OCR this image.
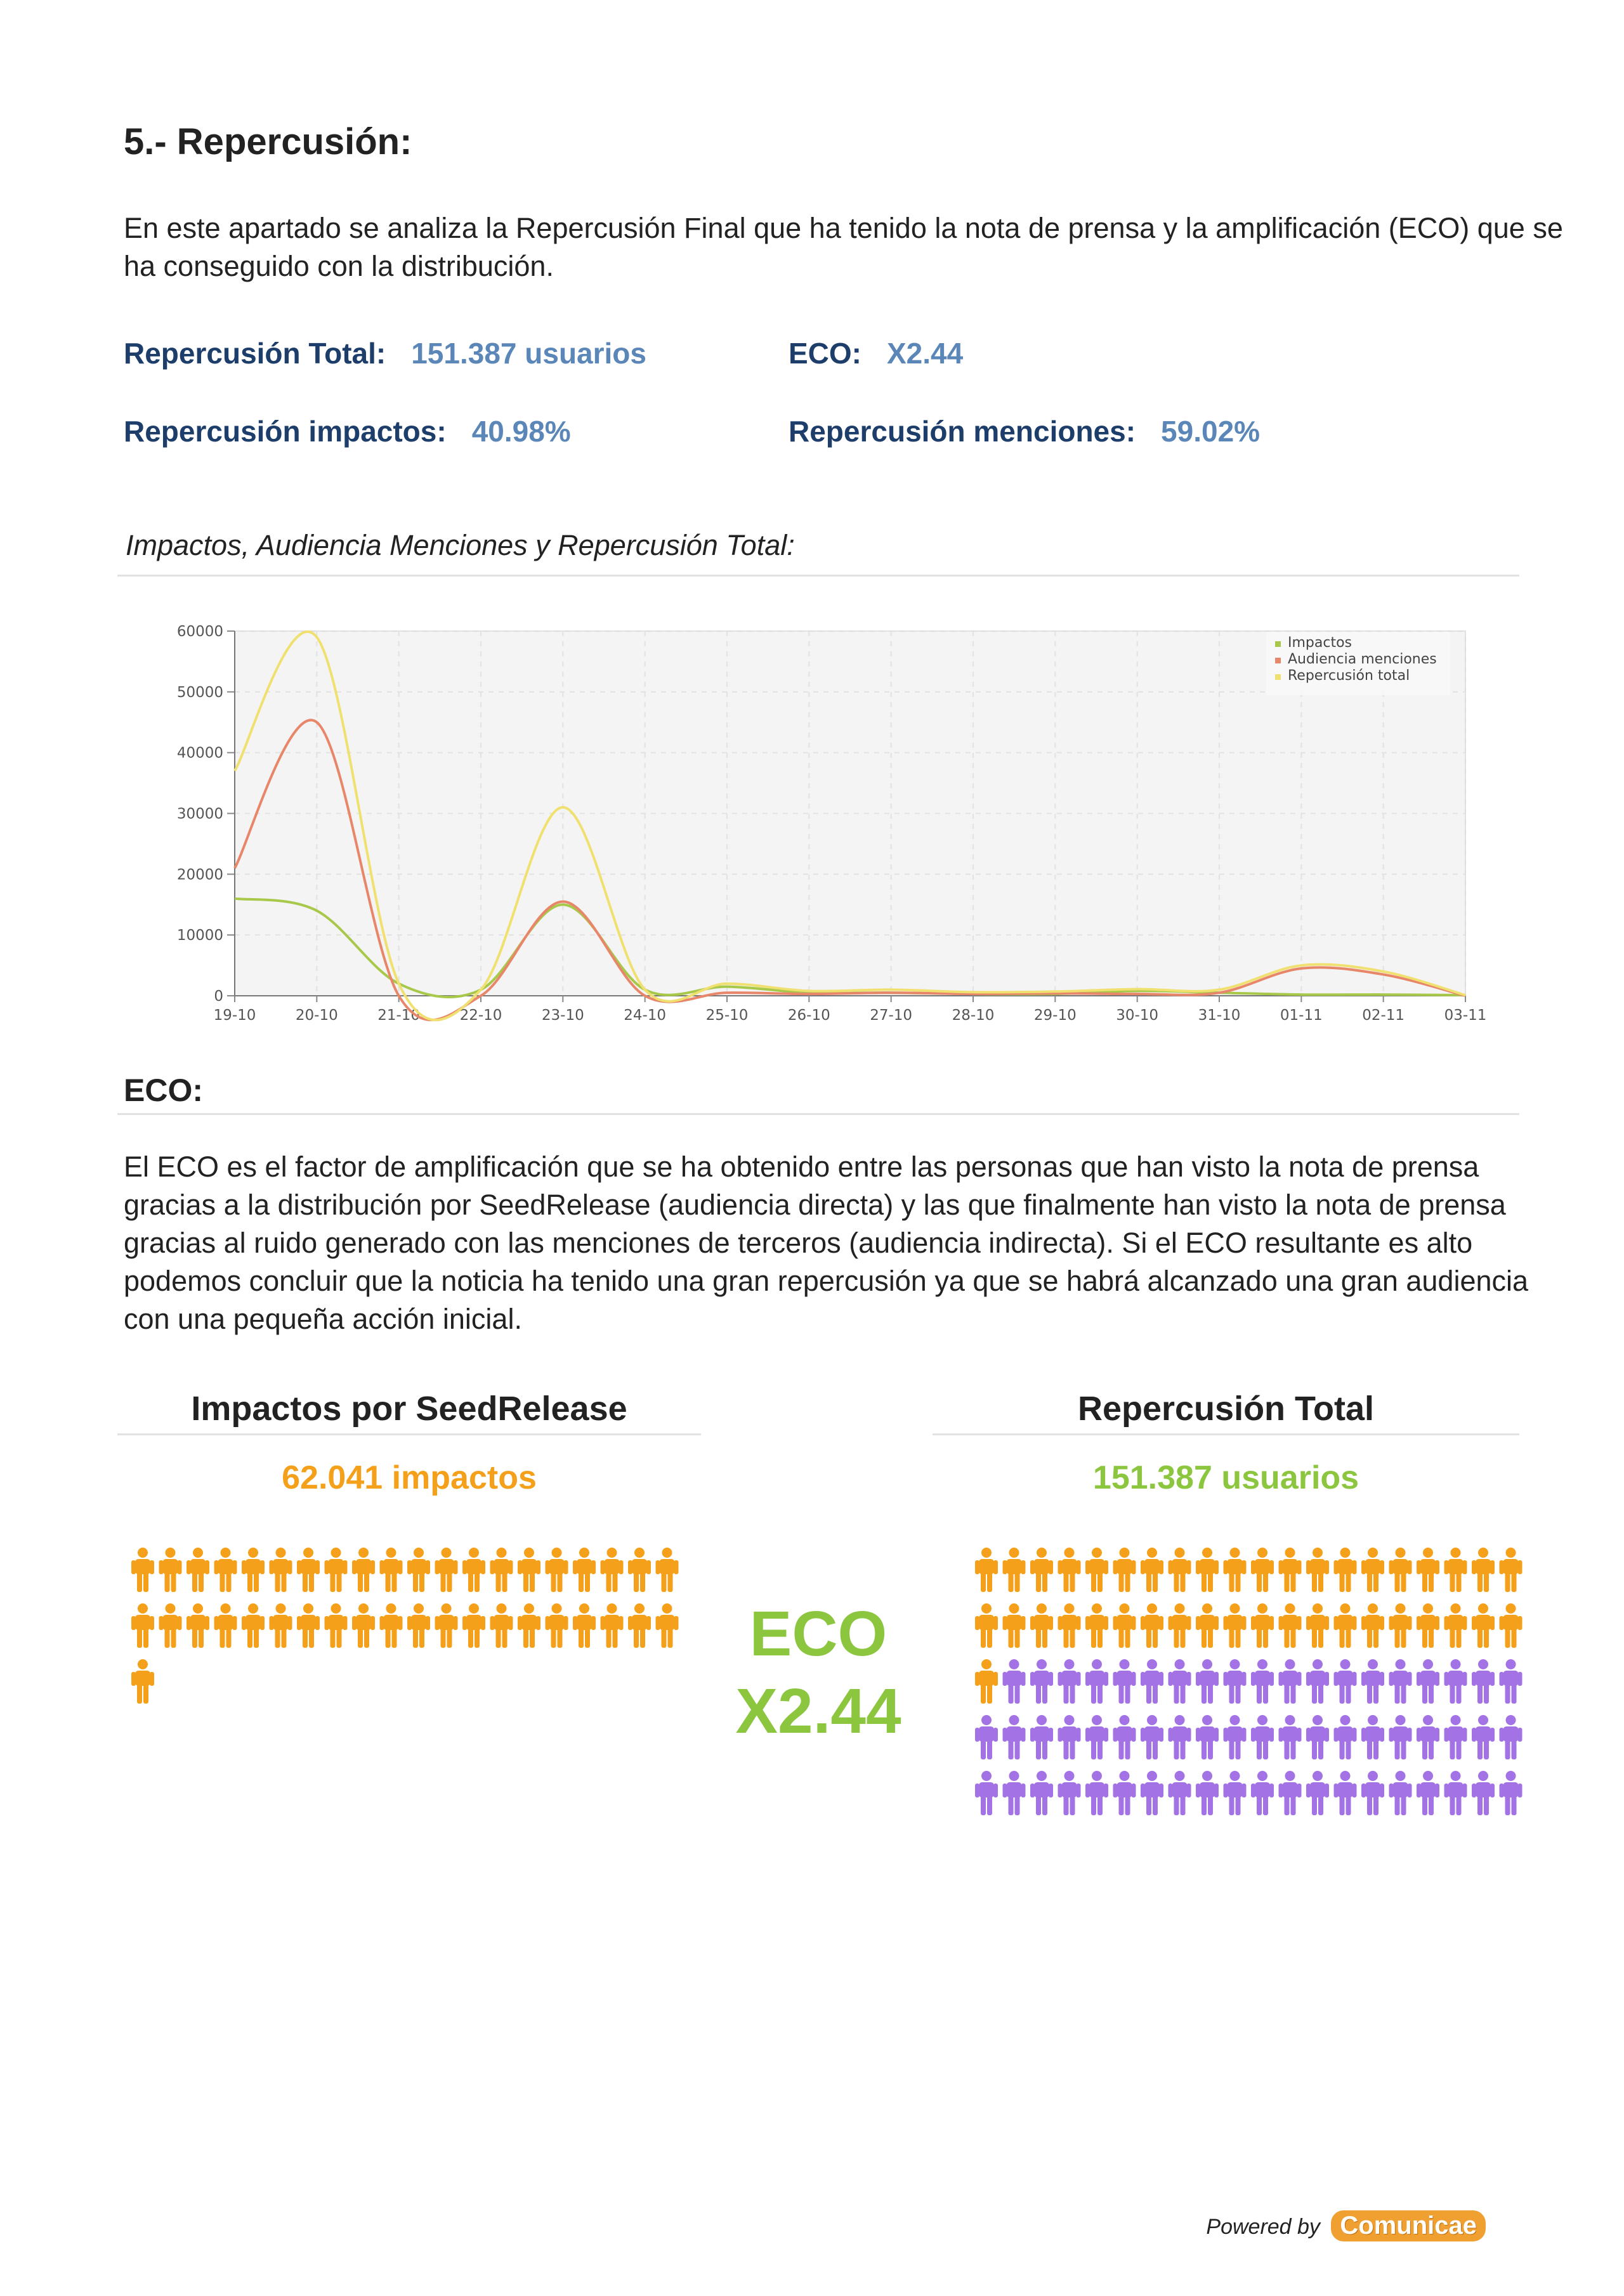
5.- Repercusión:
En este apartado se analiza la Repercusión Final que ha tenido la nota de prensa y la amplificación (ECO) que se ha conseguido con la distribución.
Repercusión Total: 151.387 usuarios	ECO: X2.44
Repercusión impactos: 40.98%	Repercusión menciones: 59.02%
Impactos, Audiencia Menciones y Repercusión Total:
0
10000
20000
30000
40000
50000
60000
19-10	20-10	21-10	22-10	23-10	24-10	25-10	26-10	27-10	28-10	29-10	30-10	31-10	01-11	02-11	03-11
Impactos
Audiencia menciones
Repercusión total
ECO:
El ECO es el factor de amplificación que se ha obtenido entre las personas que han visto la nota de prensa gracias a la distribución por SeedRelease (audiencia directa) y las que finalmente han visto la nota de prensa gracias al ruido generado con las menciones de terceros (audiencia indirecta). Si el ECO resultante es alto podemos concluir que la noticia ha tenido una gran repercusión ya que se habrá alcanzado una gran audiencia con una pequeña acción inicial.
Impactos por SeedRelease
62.041 impactos
Repercusión Total
151.387 usuarios
ECO
X2.44
Powered by Comunicae
